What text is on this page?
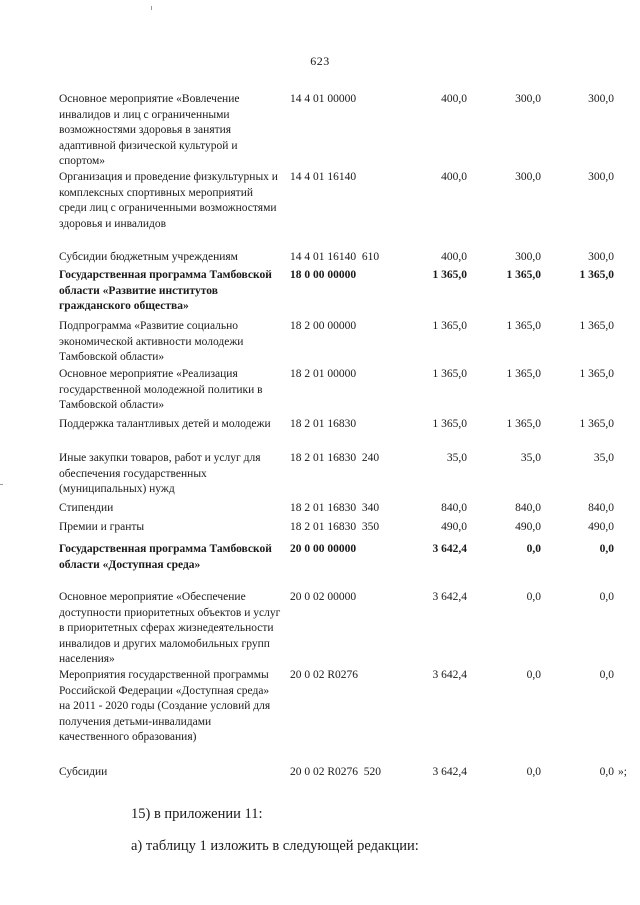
623
Основное мероприятие «Вовлечение инвалидов и лиц с ограниченными возможностями здоровья в занятия адаптивной физической культурой и спортом»
14 4 01 00000	400,0	300,0	300,0
Организация и проведение физкультурных и комплексных спортивных мероприятий среди лиц с ограниченными возможностями здоровья и инвалидов
14 4 01 16140	400,0	300,0	300,0
Субсидии бюджетным учреждениям	14 4 01 16140  610	400,0	300,0	300,0
Государственная программа Тамбовской области «Развитие институтов гражданского общества»
18 0 00 00000	1 365,0	1 365,0	1 365,0
Подпрограмма «Развитие социально экономической активности молодежи Тамбовской области»
18 2 00 00000	1 365,0	1 365,0	1 365,0
Основное мероприятие «Реализация государственной молодежной политики в Тамбовской области»
18 2 01 00000	1 365,0	1 365,0	1 365,0
Поддержка талантливых детей и молодежи	18 2 01 16830	1 365,0	1 365,0	1 365,0
Иные закупки товаров, работ и услуг для обеспечения государственных (муниципальных) нужд
18 2 01 16830  240	35,0	35,0	35,0
Стипендии	18 2 01 16830  340	840,0	840,0	840,0
Премии и гранты	18 2 01 16830  350	490,0	490,0	490,0
Государственная программа Тамбовской области «Доступная среда»
20 0 00 00000	3 642,4	0,0	0,0
Основное мероприятие «Обеспечение доступности приоритетных объектов и услуг в приоритетных сферах жизнедеятельности инвалидов и других маломобильных групп населения»
20 0 02 00000	3 642,4	0,0	0,0
Мероприятия государственной программы Российской Федерации «Доступная среда» на 2011 - 2020 годы (Создание условий для получения детьми-инвалидами качественного образования)
20 0 02 R0276	3 642,4	0,0	0,0
Субсидии	20 0 02 R0276  520	3 642,4	0,0	0,0 »;
15) в приложении 11:
а) таблицу 1 изложить в следующей редакции:
